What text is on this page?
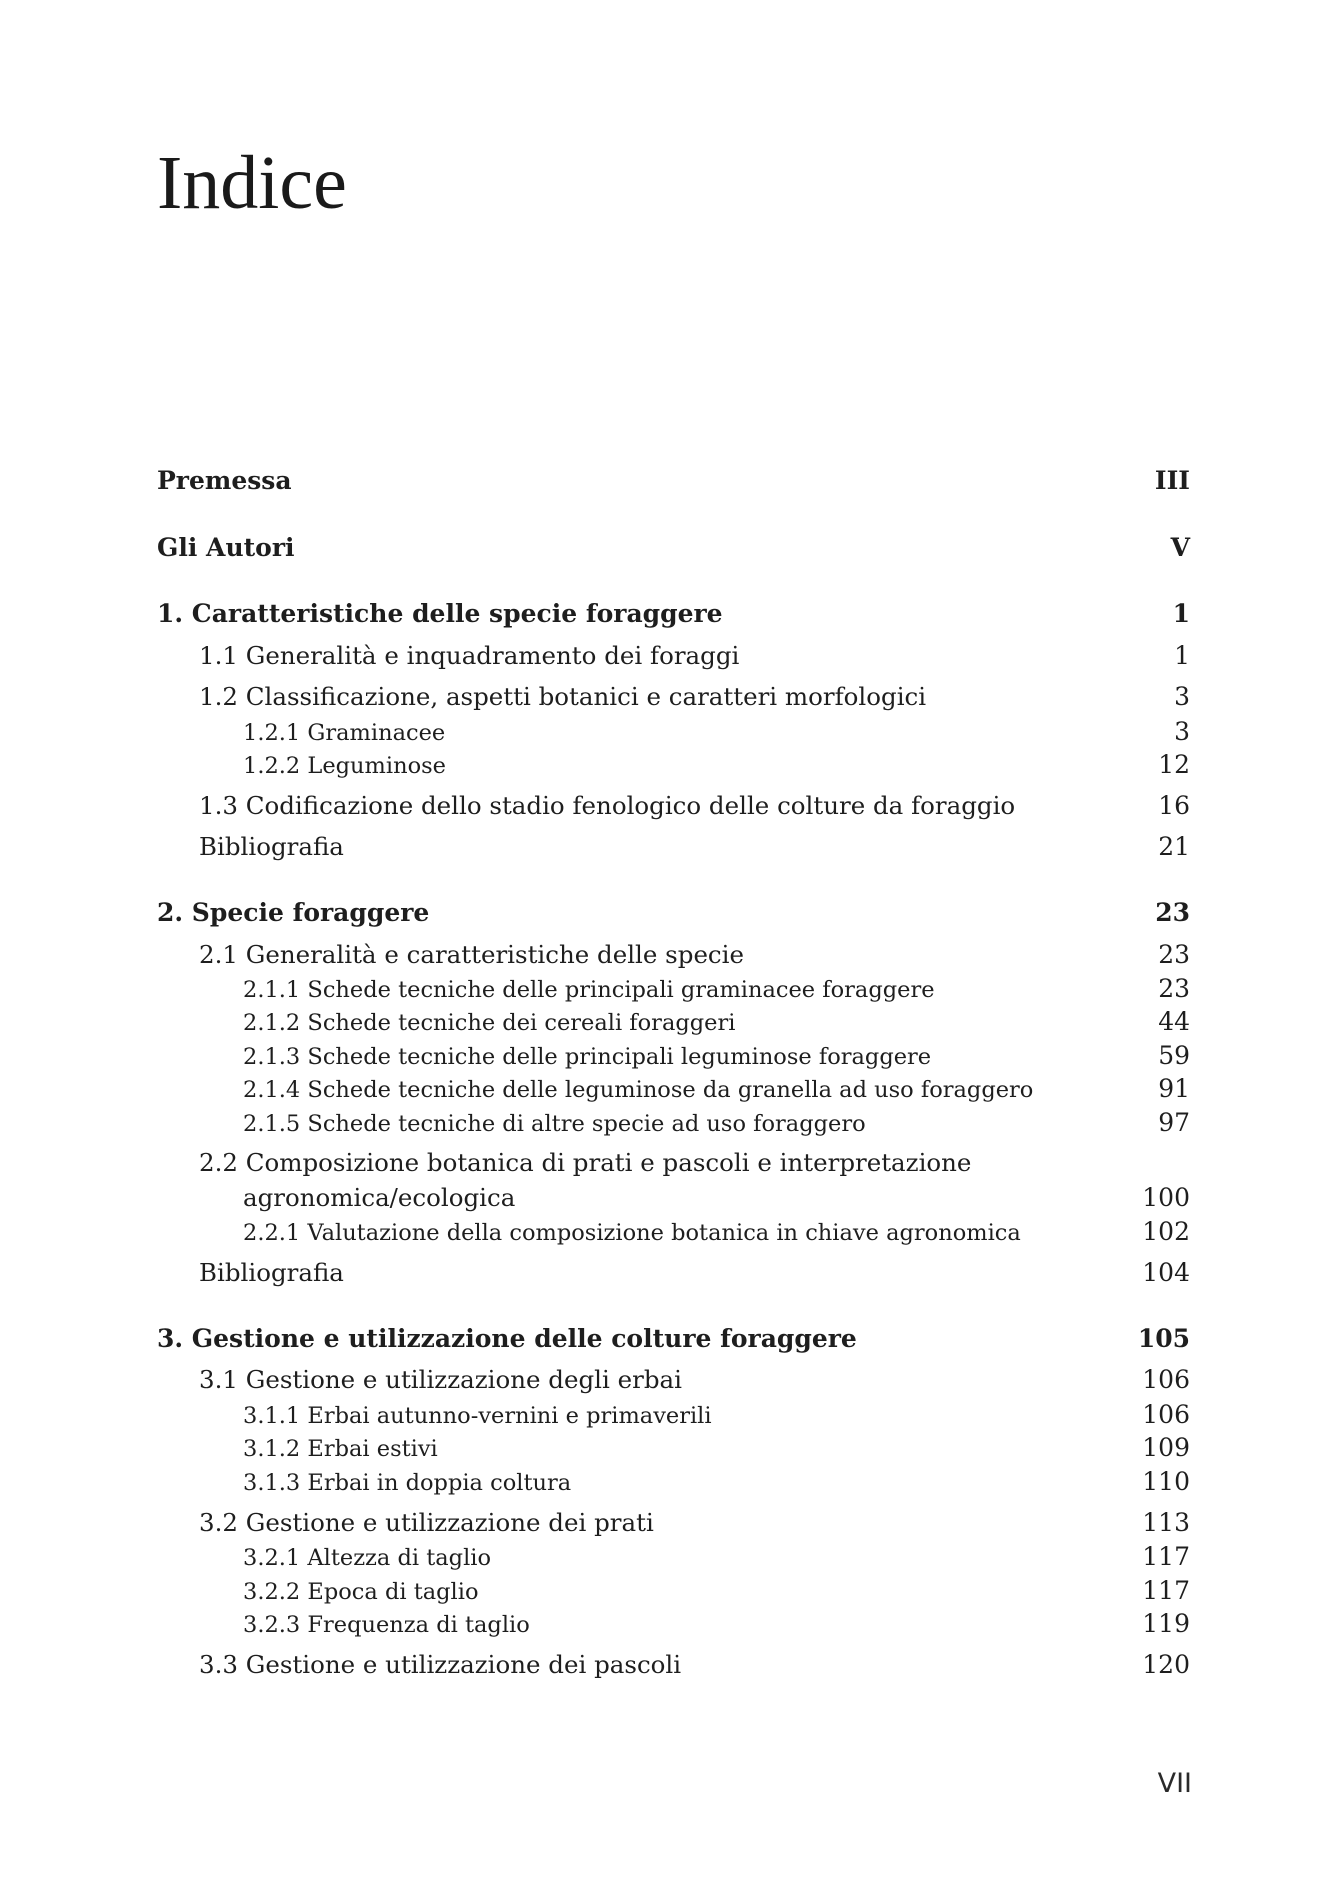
Indice
Premessa	III
Gli Autori	V
1. Caratteristiche delle specie foraggere	1
1.1 Generalità e inquadramento dei foraggi	1
1.2 Classificazione, aspetti botanici e caratteri morfologici	3
1.2.1 Graminacee	3
1.2.2 Leguminose	12
1.3 Codificazione dello stadio fenologico delle colture da foraggio	16
Bibliografia	21
2. Specie foraggere	23
2.1 Generalità e caratteristiche delle specie	23
2.1.1 Schede tecniche delle principali graminacee foraggere	23
2.1.2 Schede tecniche dei cereali foraggeri	44
2.1.3 Schede tecniche delle principali leguminose foraggere	59
2.1.4 Schede tecniche delle leguminose da granella ad uso foraggero	91
2.1.5 Schede tecniche di altre specie ad uso foraggero	97
2.2 Composizione botanica di prati e pascoli e interpretazione
agronomica/ecologica	100
2.2.1 Valutazione della composizione botanica in chiave agronomica	102
Bibliografia	104
3. Gestione e utilizzazione delle colture foraggere	105
3.1 Gestione e utilizzazione degli erbai	106
3.1.1 Erbai autunno-vernini e primaverili	106
3.1.2 Erbai estivi	109
3.1.3 Erbai in doppia coltura	110
3.2 Gestione e utilizzazione dei prati	113
3.2.1 Altezza di taglio	117
3.2.2 Epoca di taglio	117
3.2.3 Frequenza di taglio	119
3.3 Gestione e utilizzazione dei pascoli	120
VII
